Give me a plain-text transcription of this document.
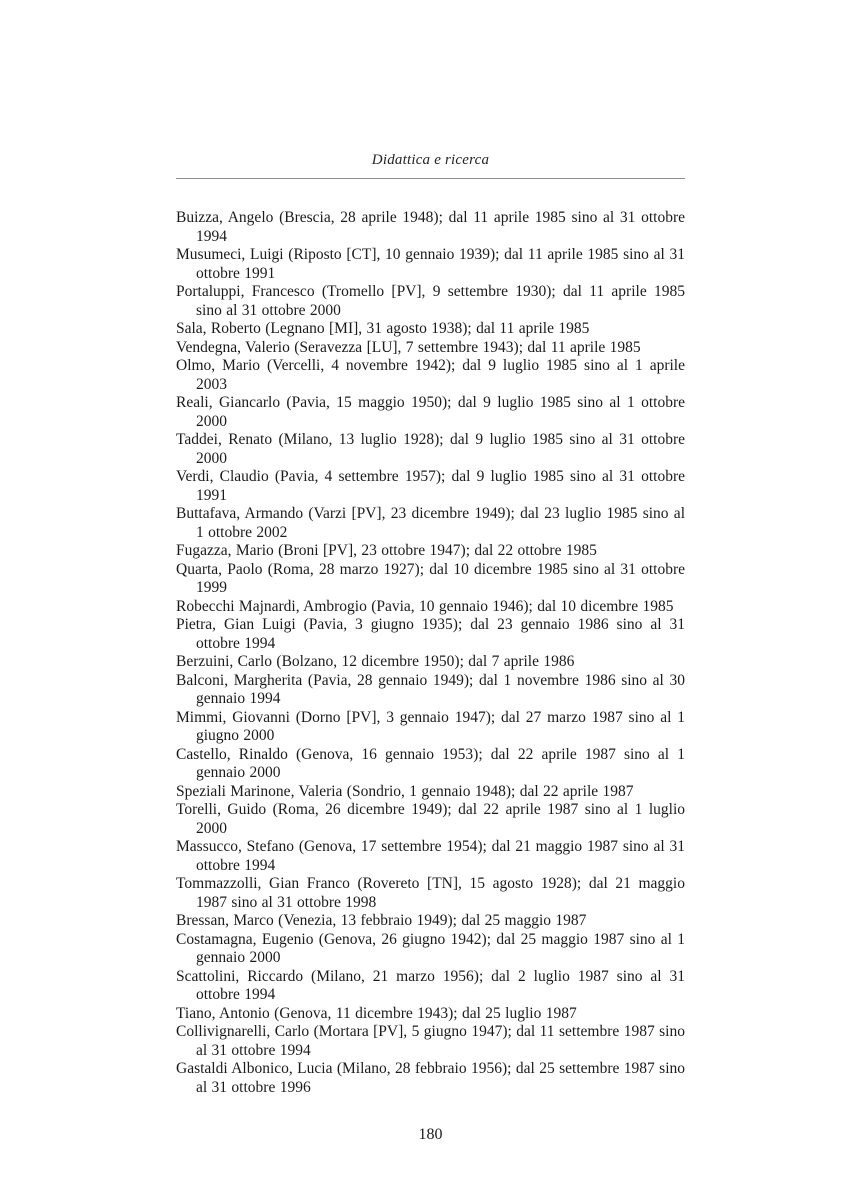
Didattica e ricerca

Buizza, Angelo (Brescia, 28 aprile 1948); dal 11 aprile 1985 sino al 31 ottobre 1994

Musumeci, Luigi (Riposto [CT], 10 gennaio 1939); dal 11 aprile 1985 sino al 31 ottobre 1991

Portaluppi, Francesco (Tromello [PV], 9 settembre 1930); dal 11 aprile 1985 sino al 31 ottobre 2000

Sala, Roberto (Legnano [MI], 31 agosto 1938); dal 11 aprile 1985

Vendegna, Valerio (Seravezza [LU], 7 settembre 1943); dal 11 aprile 1985

Olmo, Mario (Vercelli, 4 novembre 1942); dal 9 luglio 1985 sino al 1 aprile 2003

Reali, Giancarlo (Pavia, 15 maggio 1950); dal 9 luglio 1985 sino al 1 ottobre 2000

Taddei, Renato (Milano, 13 luglio 1928); dal 9 luglio 1985 sino al 31 ottobre 2000

Verdi, Claudio (Pavia, 4 settembre 1957); dal 9 luglio 1985 sino al 31 ottobre 1991

Buttafava, Armando (Varzi [PV], 23 dicembre 1949); dal 23 luglio 1985 sino al 1 ottobre 2002

Fugazza, Mario (Broni [PV], 23 ottobre 1947); dal 22 ottobre 1985

Quarta, Paolo (Roma, 28 marzo 1927); dal 10 dicembre 1985 sino al 31 ottobre 1999

Robecchi Majnardi, Ambrogio (Pavia, 10 gennaio 1946); dal 10 dicembre 1985

Pietra, Gian Luigi (Pavia, 3 giugno 1935); dal 23 gennaio 1986 sino al 31 ottobre 1994

Berzuini, Carlo (Bolzano, 12 dicembre 1950); dal 7 aprile 1986

Balconi, Margherita (Pavia, 28 gennaio 1949); dal 1 novembre 1986 sino al 30 gennaio 1994

Mimmi, Giovanni (Dorno [PV], 3 gennaio 1947); dal 27 marzo 1987 sino al 1 giugno 2000

Castello, Rinaldo (Genova, 16 gennaio 1953); dal 22 aprile 1987 sino al 1 gennaio 2000

Speziali Marinone, Valeria (Sondrio, 1 gennaio 1948); dal 22 aprile 1987

Torelli, Guido (Roma, 26 dicembre 1949); dal 22 aprile 1987 sino al 1 luglio 2000

Massucco, Stefano (Genova, 17 settembre 1954); dal 21 maggio 1987 sino al 31 ottobre 1994

Tommazzolli, Gian Franco (Rovereto [TN], 15 agosto 1928); dal 21 maggio 1987 sino al 31 ottobre 1998

Bressan, Marco (Venezia, 13 febbraio 1949); dal 25 maggio 1987

Costamagna, Eugenio (Genova, 26 giugno 1942); dal 25 maggio 1987 sino al 1 gennaio 2000

Scattolini, Riccardo (Milano, 21 marzo 1956); dal 2 luglio 1987 sino al 31 ottobre 1994

Tiano, Antonio (Genova, 11 dicembre 1943); dal 25 luglio 1987

Collivignarelli, Carlo (Mortara [PV], 5 giugno 1947); dal 11 settembre 1987 sino al 31 ottobre 1994

Gastaldi Albonico, Lucia (Milano, 28 febbraio 1956); dal 25 settembre 1987 sino al 31 ottobre 1996

180
